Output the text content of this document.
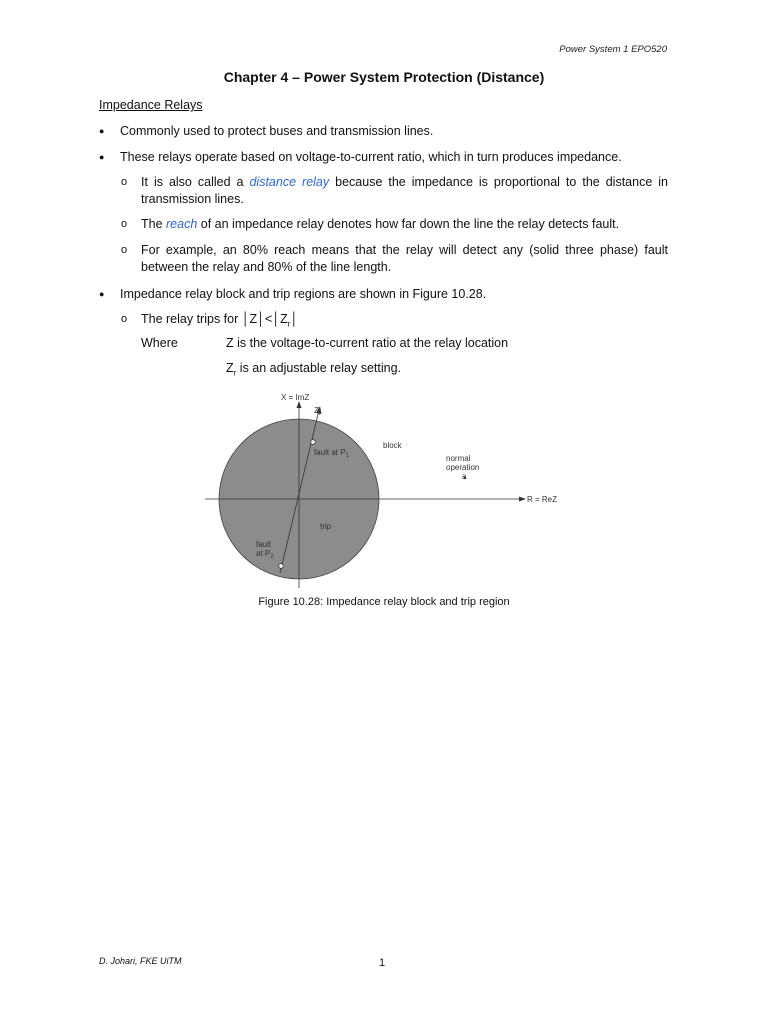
Power System 1 EPO520
Chapter 4 – Power System Protection (Distance)
Impedance Relays
● Commonly used to protect buses and transmission lines.
● These relays operate based on voltage-to-current ratio, which in turn produces impedance.
o It is also called a distance relay because the impedance is proportional to the distance in transmission lines.
o The reach of an impedance relay denotes how far down the line the relay detects fault.
o For example, an 80% reach means that the relay will detect any (solid three phase) fault between the relay and 80% of the line length.
● Impedance relay block and trip regions are shown in Figure 10.28.
o The relay trips for $│Z│<│Z_r│$
Where	Z is the voltage-to-current ratio at the relay location
$Z_r$ is an adjustable relay setting.
X = ImZ
$Z_r$
block
normal
operation
a
R = ReZ
fault at $P_1$
trip
fault
at $P_2$
Figure 10.28: Impedance relay block and trip region
D. Johari, FKE UiTM	1
